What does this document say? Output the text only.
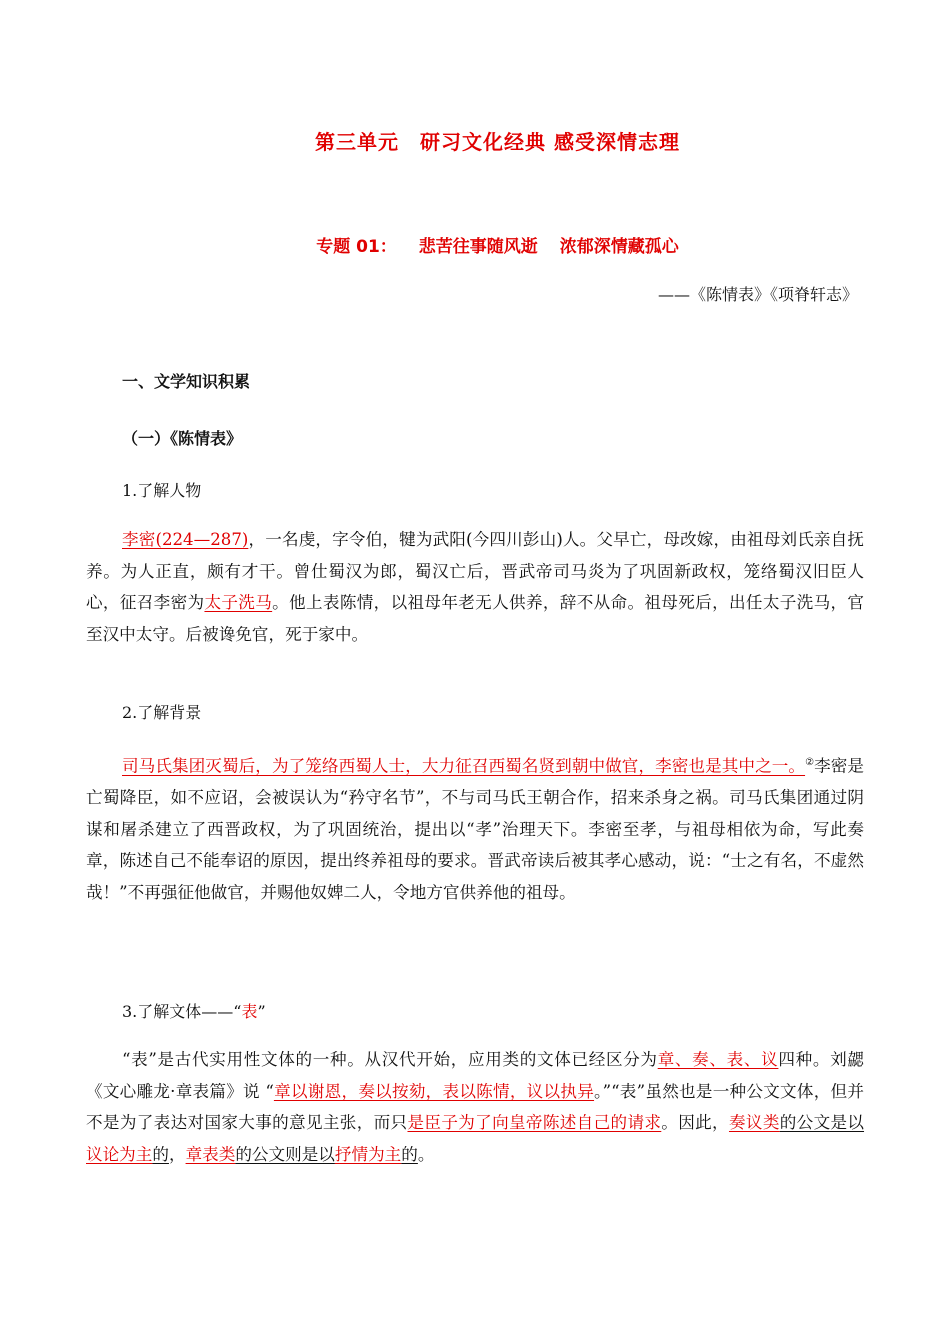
第三单元　研习文化经典 感受深情志理
专题 01： 悲苦往事随风逝 浓郁深情藏孤心
——《陈情表》《项脊轩志》
一、文学知识积累
（一）《陈情表》
1.了解人物
李密(224—287)，一名虔，字令伯，犍为武阳(今四川彭山)人。父早亡，母改嫁，由祖母刘氏亲自抚养。为人正直，颇有才干。曾仕蜀汉为郎，蜀汉亡后，晋武帝司马炎为了巩固新政权，笼络蜀汉旧臣人心，征召李密为太子洗马。他上表陈情，以祖母年老无人供养，辞不从命。祖母死后，出任太子洗马，官至汉中太守。后被谗免官，死于家中。
2.了解背景
司马氏集团灭蜀后，为了笼络西蜀人士，大力征召西蜀名贤到朝中做官，李密也是其中之一。②李密是亡蜀降臣，如不应诏，会被误认为“矜守名节”，不与司马氏王朝合作，招来杀身之祸。司马氏集团通过阴谋和屠杀建立了西晋政权，为了巩固统治，提出以“孝”治理天下。李密至孝，与祖母相依为命，写此奏章，陈述自己不能奉诏的原因，提出终养祖母的要求。晋武帝读后被其孝心感动，说：“士之有名，不虚然哉！”不再强征他做官，并赐他奴婢二人，令地方官供养他的祖母。
3.了解文体——“表”
“表”是古代实用性文体的一种。从汉代开始，应用类的文体已经区分为章、奏、表、议四种。刘勰《文心雕龙·章表篇》说 “章以谢恩，奏以按劾，表以陈情，议以执异。”“表”虽然也是一种公文文体，但并不是为了表达对国家大事的意见主张，而只是臣子为了向皇帝陈述自己的请求。因此，奏议类的公文是以议论为主的，章表类的公文则是以抒情为主的。
